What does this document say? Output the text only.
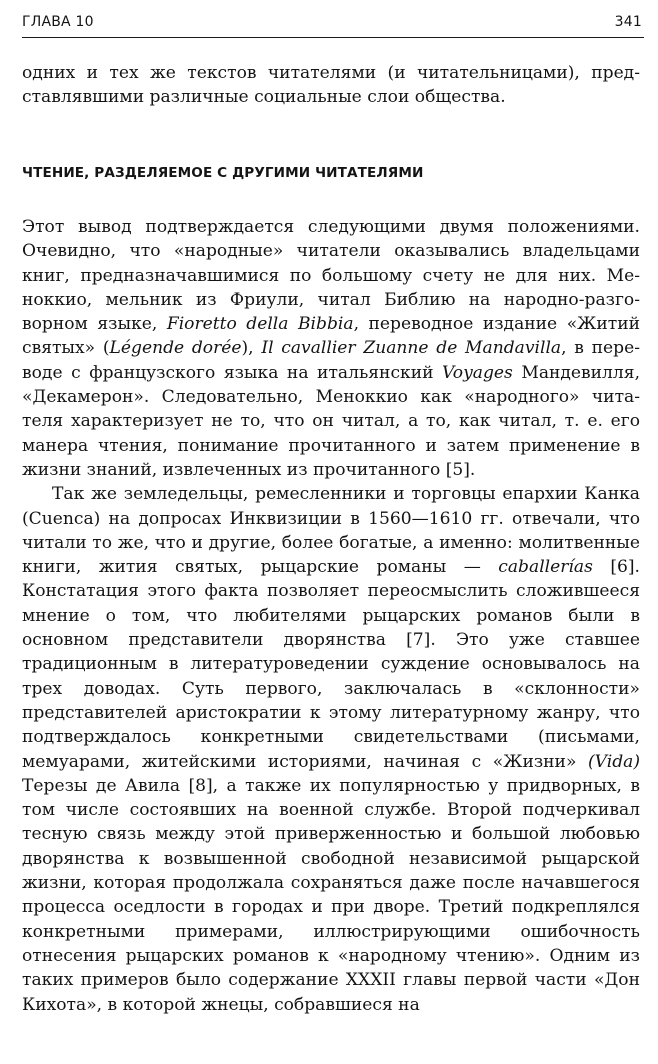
ГЛАВА 10	341

одних и тех же текстов читателями (и читательницами), представлявшими различные социальные слои общества.

ЧТЕНИЕ, РАЗДЕЛЯЕМОЕ С ДРУГИМИ ЧИТАТЕЛЯМИ

Этот вывод подтверждается следующими двумя положениями. Очевидно, что «народные» читатели оказывались владельцами книг, предназначавшимися по большому счету не для них. Меноккио, мельник из Фриули, читал Библию на народно-разговорном языке, Fioretto della Bibbia, переводное издание «Житий святых» (Légende dorée), Il cavallier Zuanne de Mandavilla, в переводе с французского языка на итальянский Voyages Мандевилля, «Декамерон». Следовательно, Меноккио как «народного» читателя характеризует не то, что он читал, а то, как читал, т. е. его манера чтения, понимание прочитанного и затем применение в жизни знаний, извлеченных из прочитанного [5].

Так же земледельцы, ремесленники и торговцы епархии Канка (Cuenca) на допросах Инквизиции в 1560—1610 гг. отвечали, что читали то же, что и другие, более богатые, а именно: молитвенные книги, жития святых, рыцарские романы — caballerías [6]. Констатация этого факта позволяет переосмыслить сложившееся мнение о том, что любителями рыцарских романов были в основном представители дворянства [7]. Это уже ставшее традиционным в литературоведении суждение основывалось на трех доводах. Суть первого, заключалась в «склонности» представителей аристократии к этому литературному жанру, что подтверждалось конкретными свидетельствами (письмами, мемуарами, житейскими историями, начиная с «Жизни» (Vida) Терезы де Авила [8], а также их популярностью у придворных, в том числе состоявших на военной службе. Второй подчеркивал тесную связь между этой приверженностью и большой любовью дворянства к возвышенной свободной независимой рыцарской жизни, которая продолжала сохраняться даже после начавшегося процесса оседлости в городах и при дворе. Третий подкреплялся конкретными примерами, иллюстрирующими ошибочность отнесения рыцарских романов к «народному чтению». Одним из таких примеров было содержание XXXII главы первой части «Дон Кихота», в которой жнецы, собравшиеся на
